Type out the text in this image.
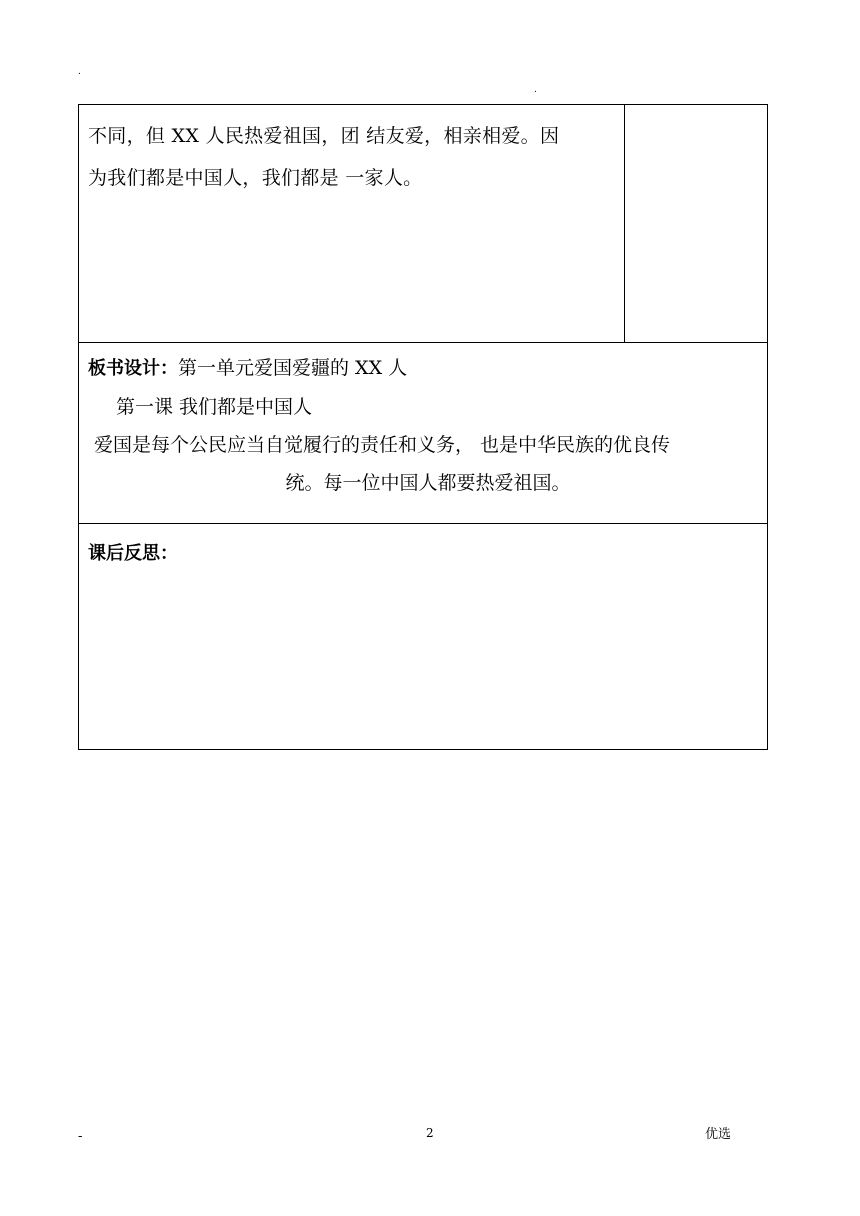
.
.

不同，但 XX 人民热爱祖国，团 结友爱，相亲相爱。因

为我们都是中国人，我们都是 一家人。

板书设计：第一单元爱国爱疆的 XX 人

第一课 我们都是中国人

爱国是每个公民应当自觉履行的责任和义务， 也是中华民族的优良传

统。每一位中国人都要热爱祖国。

课后反思：

-	2	优选
